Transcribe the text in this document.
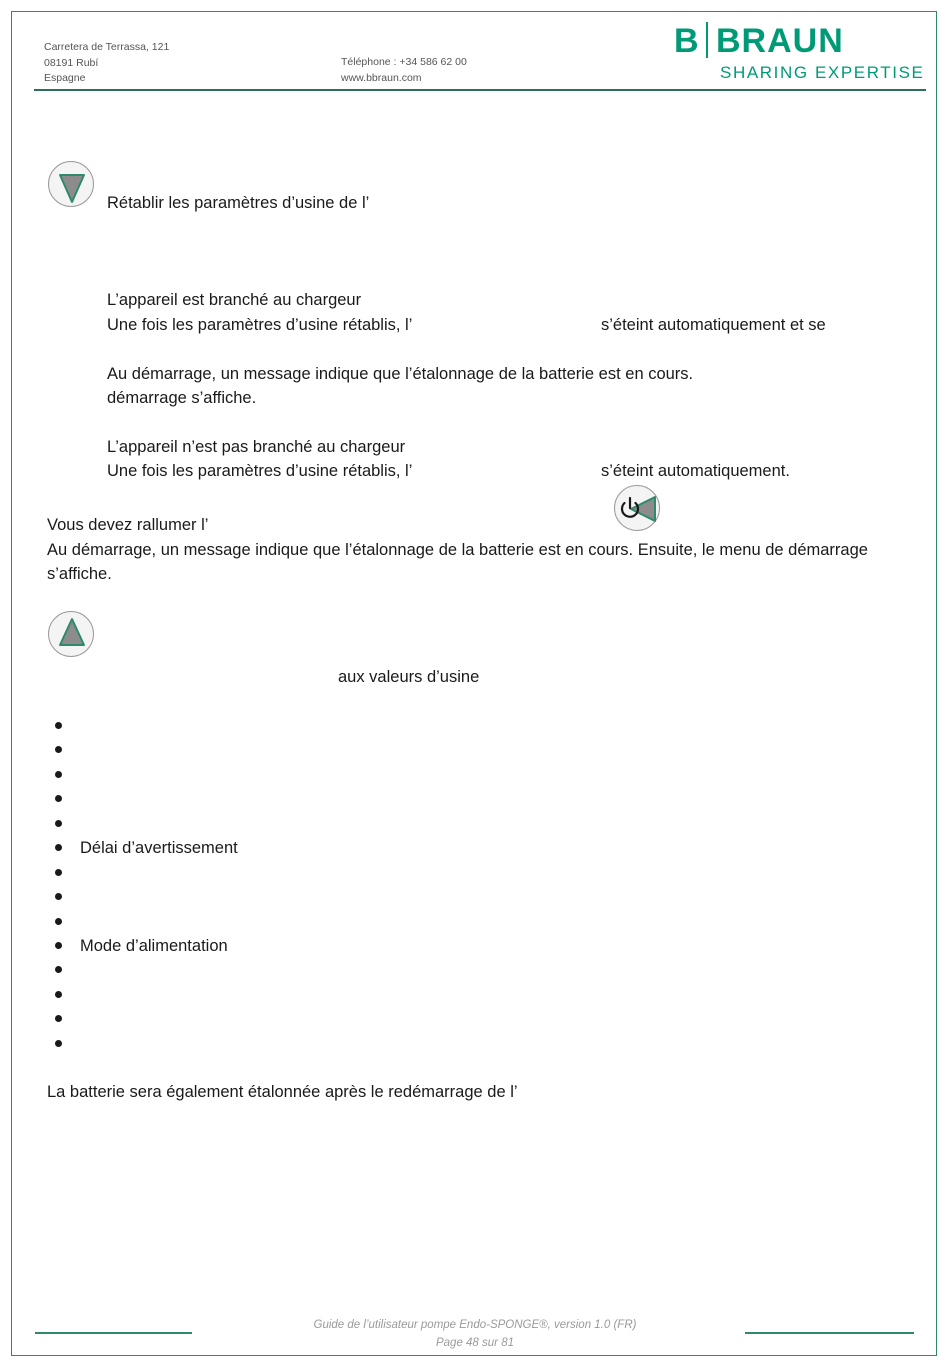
Carretera de Terrassa, 121
08191 Rubí
Espagne
Téléphone : +34 586 62 00
www.bbraun.com
B BRAUN
SHARING EXPERTISE
Rétablir les paramètres d’usine de l’
L’appareil est branché au chargeur
Une fois les paramètres d’usine rétablis, l’	s’éteint automatiquement et se
Au démarrage, un message indique que l’étalonnage de la batterie est en cours.
démarrage s’affiche.
L’appareil n’est pas branché au chargeur
Une fois les paramètres d’usine rétablis, l’	s’éteint automatiquement.
Vous devez rallumer l’
Au démarrage, un message indique que l’étalonnage de la batterie est en cours. Ensuite, le menu de démarrage
s’affiche.
aux valeurs d’usine
Délai d’avertissement
Mode d’alimentation
La batterie sera également étalonnée après le redémarrage de l’
Guide de l’utilisateur pompe Endo-SPONGE®, version 1.0 (FR)
Page 48 sur 81
